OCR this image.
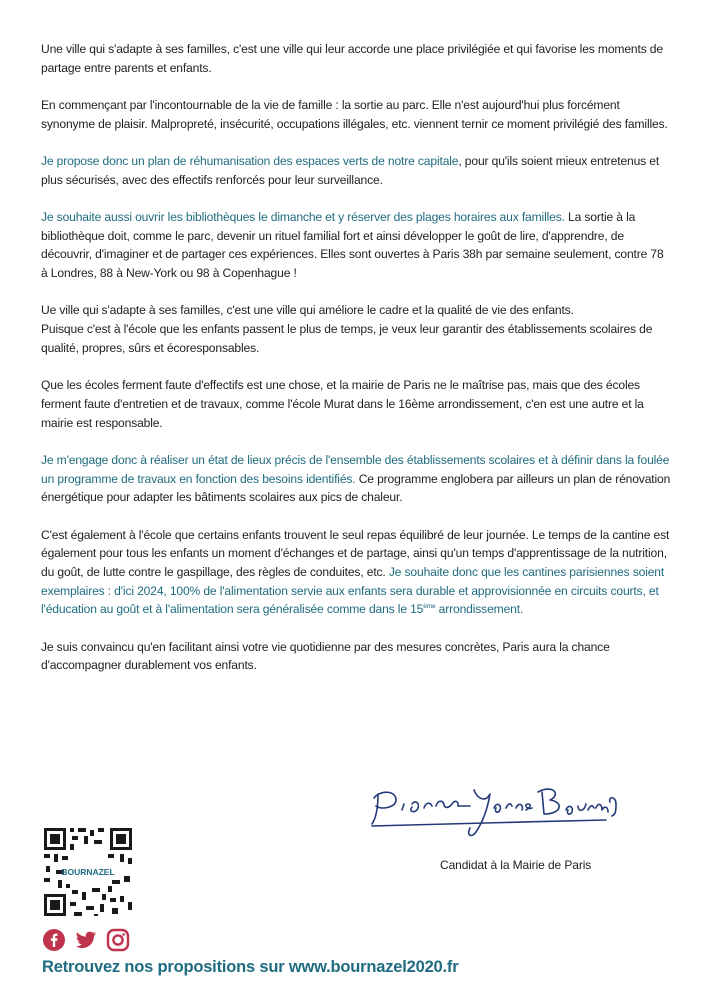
Une ville qui s'adapte à ses familles, c'est une ville qui leur accorde une place privilégiée et qui favorise les moments de partage entre parents et enfants.

En commençant par l'incontournable de la vie de famille : la sortie au parc. Elle n'est aujourd'hui plus forcément synonyme de plaisir. Malpropreté, insécurité, occupations illégales, etc. viennent ternir ce moment privilégié des familles.

Je propose donc un plan de réhumanisation des espaces verts de notre capitale, pour qu'ils soient mieux entretenus et plus sécurisés, avec des effectifs renforcés pour leur surveillance.

Je souhaite aussi ouvrir les bibliothèques le dimanche et y réserver des plages horaires aux familles. La sortie à la bibliothèque doit, comme le parc, devenir un rituel familial fort et ainsi développer le goût de lire, d'apprendre, de découvrir, d'imaginer et de partager ces expériences. Elles sont ouvertes à Paris 38h par semaine seulement, contre 78 à Londres, 88 à New-York ou 98 à Copenhague !

Ue ville qui s'adapte à ses familles, c'est une ville qui améliore le cadre et la qualité de vie des enfants.
Puisque c'est à l'école que les enfants passent le plus de temps, je veux leur garantir des établissements scolaires de qualité, propres, sûrs et écoresponsables.

Que les écoles ferment faute d'effectifs est une chose, et la mairie de Paris ne le maîtrise pas, mais que des écoles ferment faute d'entretien et de travaux, comme l'école Murat dans le 16ème arrondissement, c'en est une autre et la mairie est responsable.

Je m'engage donc à réaliser un état de lieux précis de l'ensemble des établissements scolaires et à définir dans la foulée un programme de travaux en fonction des besoins identifiés. Ce programme englobera par ailleurs un plan de rénovation énergétique pour adapter les bâtiments scolaires aux pics de chaleur.

C'est également à l'école que certains enfants trouvent le seul repas équilibré de leur journée. Le temps de la cantine est également pour tous les enfants un moment d'échanges et de partage, ainsi qu'un temps d'apprentissage de la nutrition, du goût, de lutte contre le gaspillage, des règles de conduites, etc. Je souhaite donc que les cantines parisiennes soient exemplaires : d'ici 2024, 100% de l'alimentation servie aux enfants sera durable et approvisionnée en circuits courts, et l'éducation au goût et à l'alimentation sera généralisée comme dans le 15ème arrondissement.

Je suis convaincu qu'en facilitant ainsi votre vie quotidienne par des mesures concrètes, Paris aura la chance d'accompagner durablement vos enfants.

Candidat à la Mairie de Paris
BOURNAZEL
Retrouvez nos propositions sur www.bournazel2020.fr
